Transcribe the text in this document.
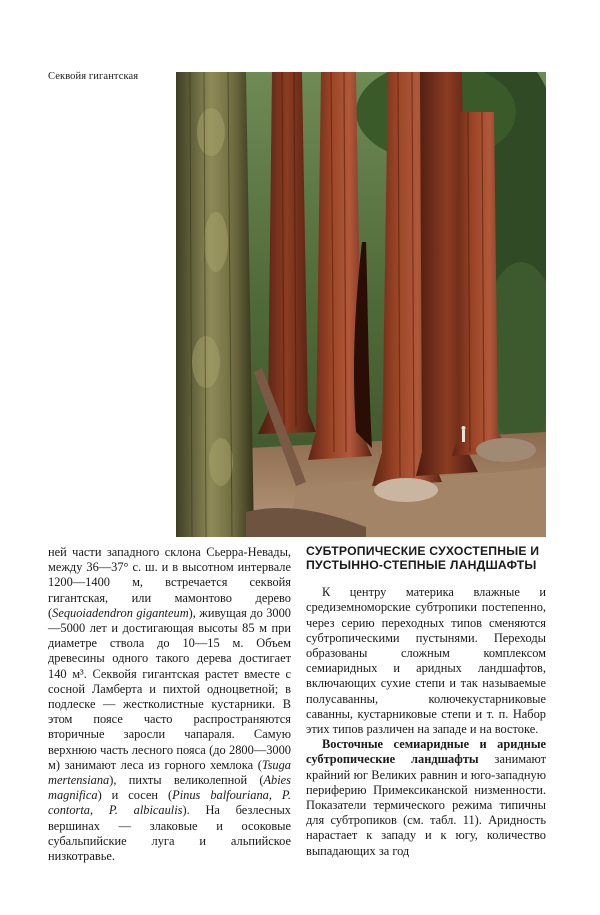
Секвойя гигантская

ней части западного склона Сьерра-Невады, между 36—37° с. ш. и в высотном интервале 1200—1400 м, встречается секвойя гигантская, или мамонтово дерево (Sequoiadendron giganteum), живущая до 3000—5000 лет и достигающая высоты 85 м при диаметре ствола до 10—15 м. Объем древесины одного такого дерева достигает 140 м³. Секвойя гигантская растет вместе с сосной Ламберта и пихтой одноцветной; в подлеске — жестколистные кустарники. В этом поясе часто распространяются вторичные заросли чапараля. Самую верхнюю часть лесного пояса (до 2800—3000 м) занимают леса из горного хемлока (Tsuga mertensiana), пихты великолепной (Abies magnifica) и сосен (Pinus balfouriana, P. contorta, P. albicaulis). На безлесных вершинах — злаковые и осоковые субальпийские луга и альпийское низкотравье.

СУБТРОПИЧЕСКИЕ СУХОСТЕПНЫЕ И ПУСТЫННО-СТЕПНЫЕ ЛАНДШАФТЫ

К центру материка влажные и средиземноморские субтропики постепенно, через серию переходных типов сменяются субтропическими пустынями. Переходы образованы сложным комплексом семиаридных и аридных ландшафтов, включающих сухие степи и так называемые полусаванны, колючекустарниковые саванны, кустарниковые степи и т. п. Набор этих типов различен на западе и на востоке.

Восточные семиаридные и аридные субтропические ландшафты занимают крайний юг Великих равнин и юго-западную периферию Примексиканской низменности. Показатели термического режима типичны для субтропиков (см. табл. 11). Аридность нарастает к западу и к югу, количество выпадающих за год
